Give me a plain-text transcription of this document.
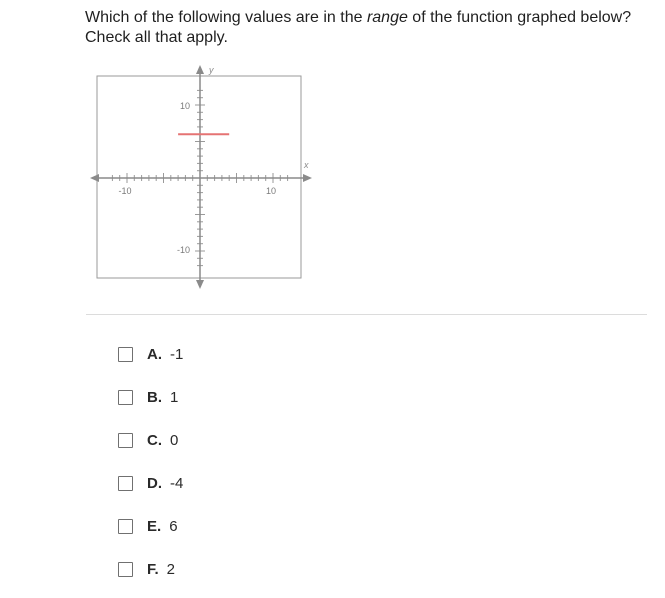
Which of the following values are in the range of the function graphed below?
Check all that apply.
y
x
-10	10
10
-10
A. -1
B. 1
C. 0
D. -4
E. 6
F. 2
